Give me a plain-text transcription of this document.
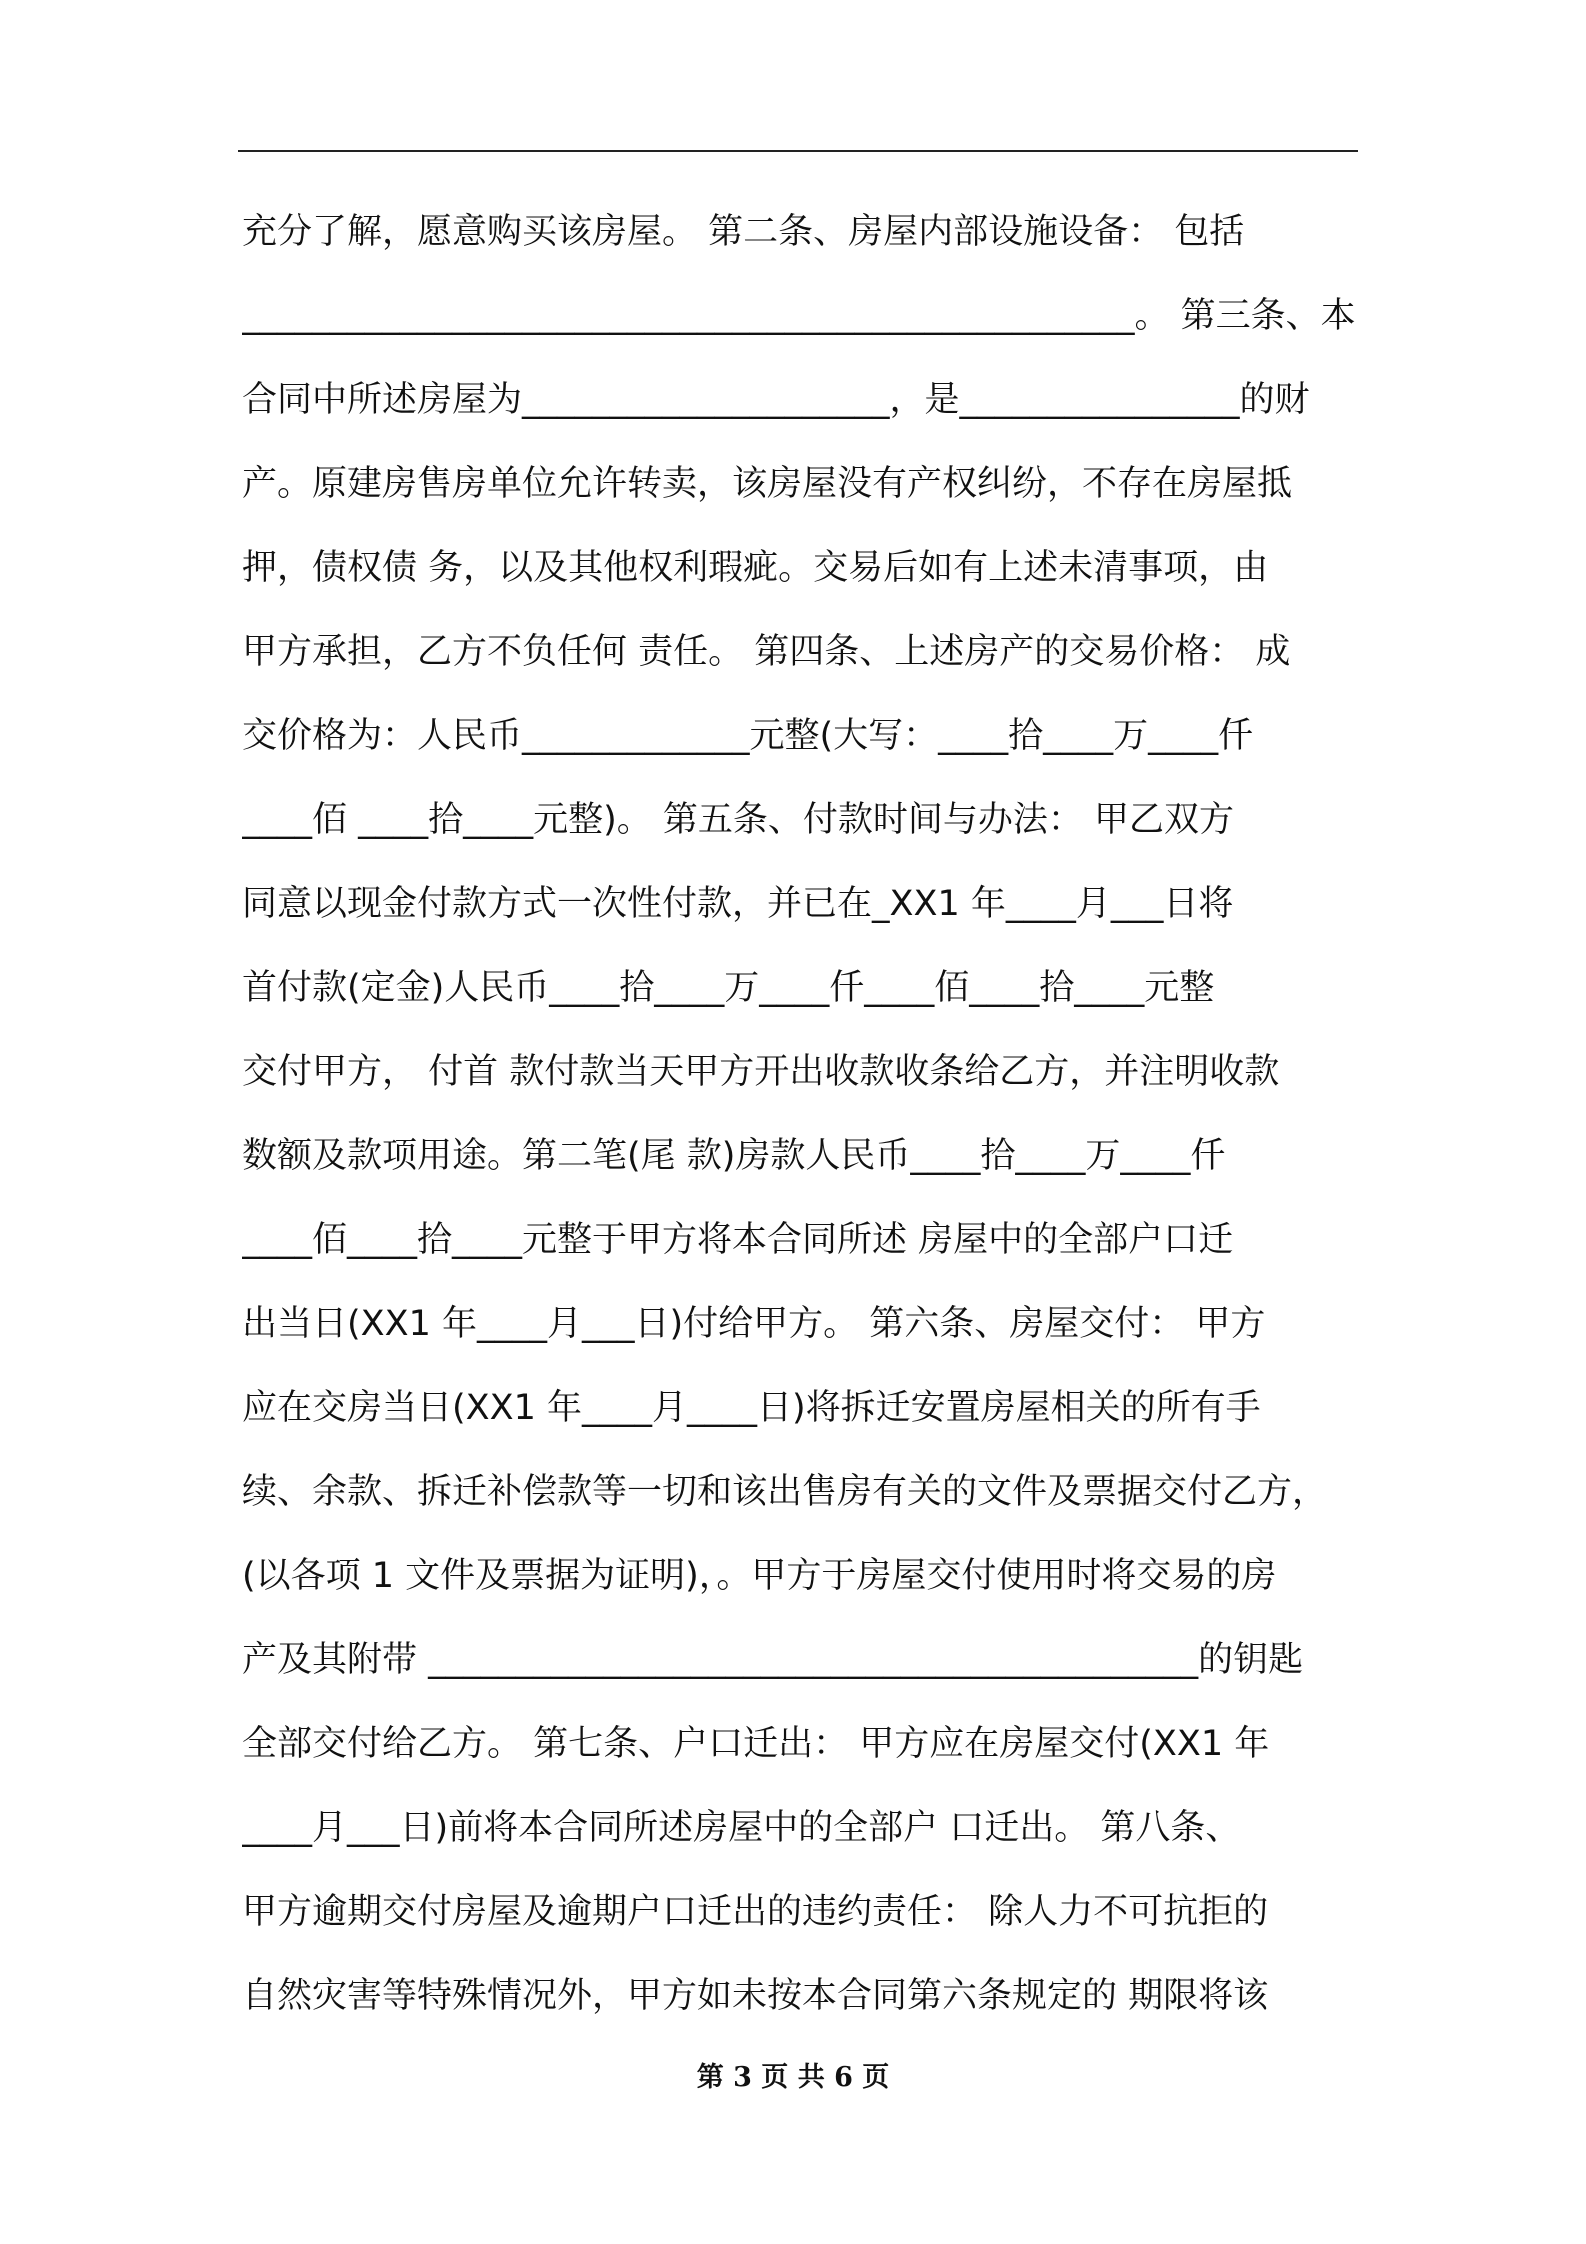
充分了解，愿意购买该房屋。 第二条、房屋内部设施设备： 包括
___________________________________________________。 第三条、本
合同中所述房屋为_____________________，是________________的财
产。原建房售房单位允许转卖，该房屋没有产权纠纷，不存在房屋抵
押，债权债 务，以及其他权利瑕疵。交易后如有上述未清事项，由
甲方承担，乙方不负任何 责任。 第四条、上述房产的交易价格： 成
交价格为：人民币_____________元整(大写：____拾____万____仟
____佰 ____拾____元整)。 第五条、付款时间与办法： 甲乙双方
同意以现金付款方式一次性付款，并已在_XX1 年____月___日将
首付款(定金)人民币____拾____万____仟____佰____拾____元整
交付甲方， 付首 款付款当天甲方开出收款收条给乙方，并注明收款
数额及款项用途。第二笔(尾 款)房款人民币____拾____万____仟
____佰____拾____元整于甲方将本合同所述 房屋中的全部户口迁
出当日(XX1 年____月___日)付给甲方。 第六条、房屋交付： 甲方
应在交房当日(XX1 年____月____日)将拆迁安置房屋相关的所有手
续、余款、拆迁补偿款等一切和该出售房有关的文件及票据交付乙方，
(以各项 1 文件及票据为证明)，。甲方于房屋交付使用时将交易的房
产及其附带 ____________________________________________的钥匙
全部交付给乙方。 第七条、户口迁出： 甲方应在房屋交付(XX1 年
____月___日)前将本合同所述房屋中的全部户 口迁出。 第八条、
甲方逾期交付房屋及逾期户口迁出的违约责任： 除人力不可抗拒的
自然灾害等特殊情况外，甲方如未按本合同第六条规定的 期限将该
第 3 页 共 6 页
